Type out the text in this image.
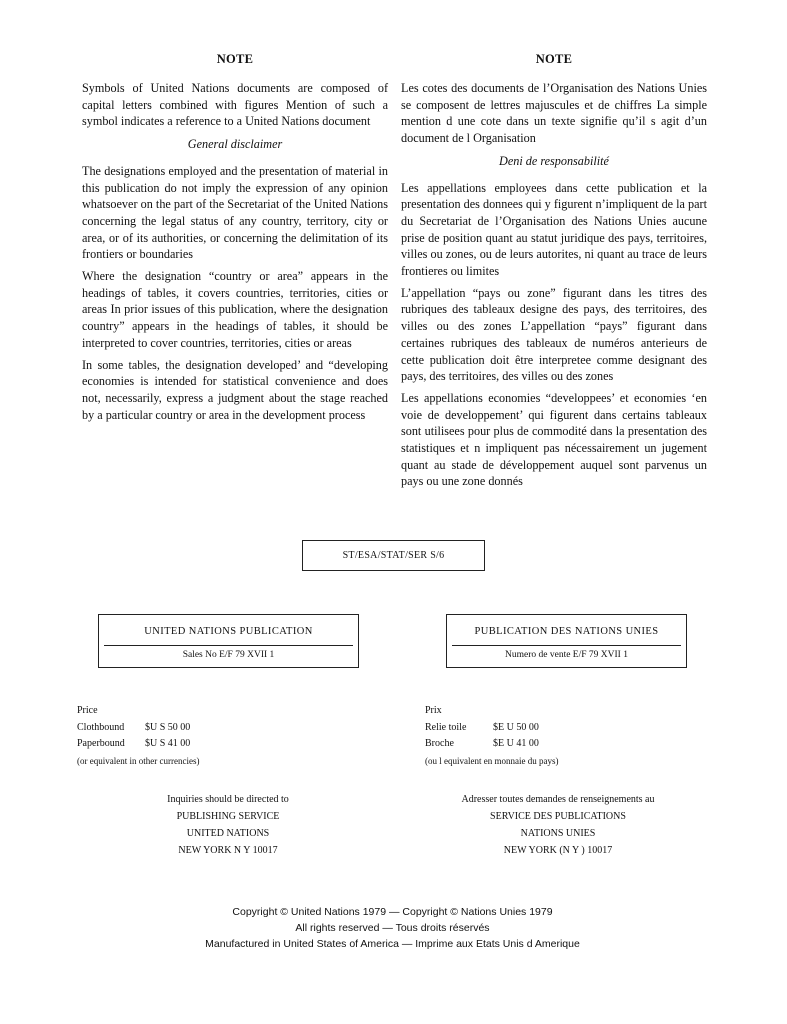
NOTE

Symbols of United Nations documents are composed of capital letters combined with figures Mention of such a symbol indicates a reference to a United Nations document

General disclaimer

The designations employed and the presentation of material in this publication do not imply the expression of any opinion whatsoever on the part of the Secretariat of the United Nations concerning the legal status of any country, territory, city or area, or of its authorities, or concerning the delimitation of its frontiers or boundaries

Where the designation “country or area” appears in the headings of tables, it covers countries, territories, cities or areas In prior issues of this publication, where the designation country” appears in the headings of tables, it should be interpreted to cover countries, territories, cities or areas

In some tables, the designation developed’ and “developing economies is intended for statistical convenience and does not, necessarily, express a judgment about the stage reached by a particular country or area in the development process

NOTE

Les cotes des documents de l’Organisation des Nations Unies se composent de lettres majuscules et de chiffres La simple mention d une cote dans un texte signifie qu’il s agit d’un document de l Organisation

Deni de responsabilité

Les appellations employees dans cette publication et la presentation des donnees qui y figurent n’impliquent de la part du Secretariat de l’Organisation des Nations Unies aucune prise de position quant au statut juridique des pays, territoires, villes ou zones, ou de leurs autorites, ni quant au trace de leurs frontieres ou limites

L’appellation “pays ou zone” figurant dans les titres des rubriques des tableaux designe des pays, des territoires, des villes ou des zones L’appellation “pays” figurant dans certaines rubriques des tableaux de numéros anterieurs de cette publication doit être interpretee comme designant des pays, des territoires, des villes ou des zones

Les appellations economies “developpees’ et economies ‘en voie de developpement’ qui figurent dans certains tableaux sont utilisees pour plus de commodité dans la presentation des statistiques et n impliquent pas nécessairement un jugement quant au stade de développement auquel sont parvenus un pays ou une zone donnés

ST/ESA/STAT/SER S/6
UNITED NATIONS PUBLICATION
Sales No E/F 79 XVII 1
PUBLICATION DES NATIONS UNIES
Numero de vente E/F 79 XVII 1
Price
Clothbound	$U S 50 00
Paperbound	$U S 41 00
(or equivalent in other currencies)
Prix
Relie toile	$E U 50 00
Broche	$E U 41 00
(ou l equivalent en monnaie du pays)
Inquiries should be directed to
PUBLISHING SERVICE
UNITED NATIONS
NEW YORK N Y 10017
Adresser toutes demandes de renseignements au
SERVICE DES PUBLICATIONS
NATIONS UNIES
NEW YORK (N Y ) 10017
Copyright © United Nations 1979 — Copyright © Nations Unies 1979
All rights reserved — Tous droits réservés
Manufactured in United States of America — Imprime aux Etats Unis d Amerique
